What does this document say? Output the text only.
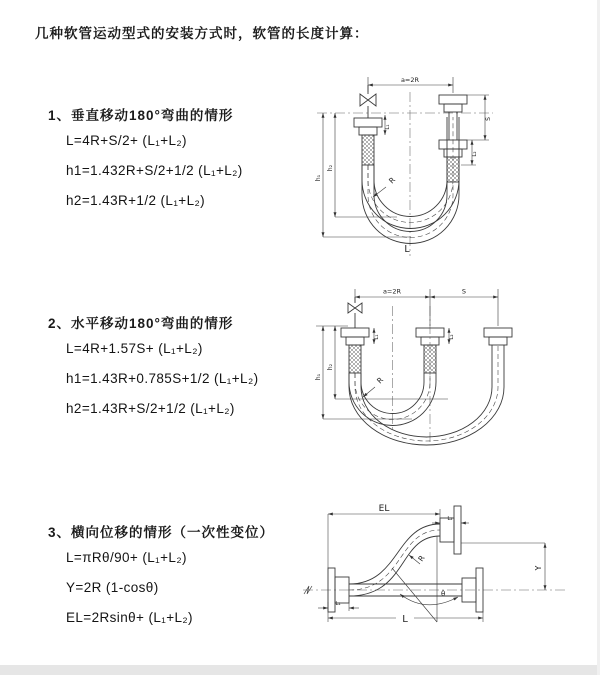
几种软管运动型式的安装方式时，软管的长度计算：
1、垂直移动180°弯曲的情形
L=4R+S/2+ (L₁+L₂)
h1=1.432R+S/2+1/2 (L₁+L₂)
h2=1.43R+1/2 (L₁+L₂)
a=2R
h₁
h₂
L₁
S
L₂
R
L
2、水平移动180°弯曲的情形
L=4R+1.57S+ (L₁+L₂)
h1=1.43R+0.785S+1/2 (L₁+L₂)
h2=1.43R+S/2+1/2 (L₁+L₂)
a=2R	S
h₁
h₂
L₁	L₂
R
3、横向位移的情形（一次性变位）
L=πRθ/90+ (L₁+L₂)
Y=2R (1-cosθ)
EL=2Rsinθ+ (L₁+L₂)
EL
L₂
L₁
Y
L
R
θ
